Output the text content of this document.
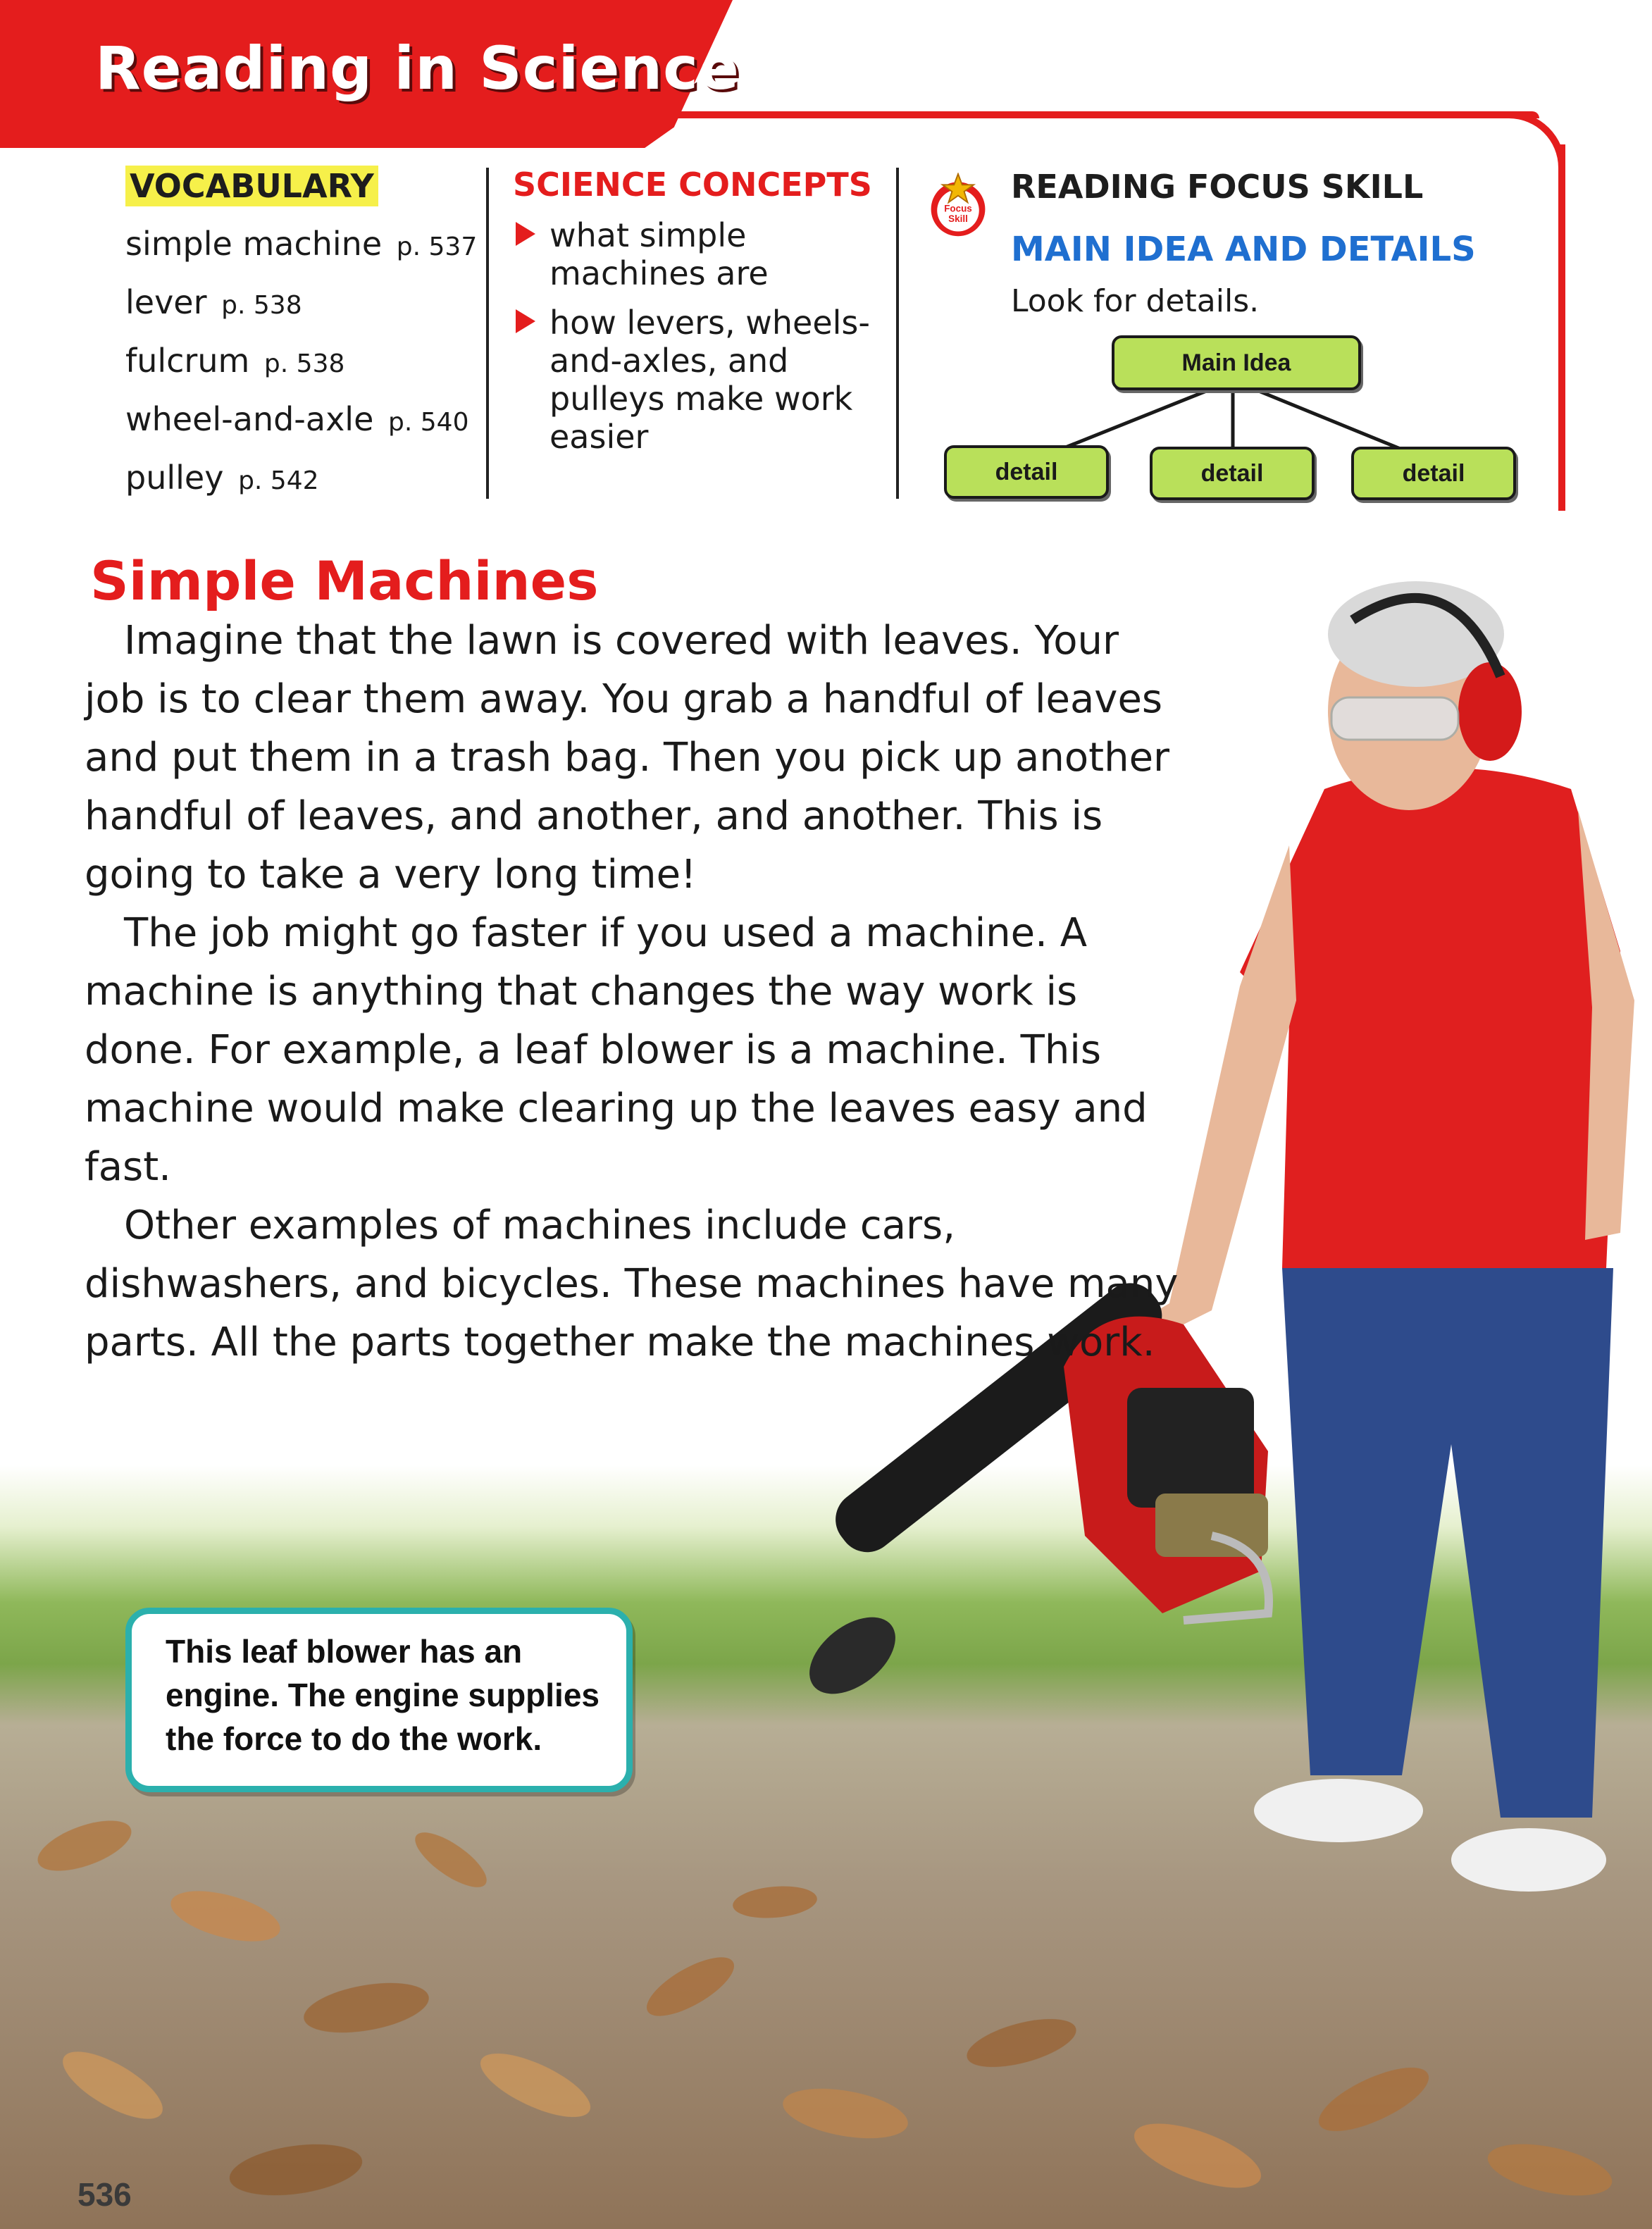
Reading in Science
VOCABULARY
simple machine p. 537
lever p. 538
fulcrum p. 538
wheel-and-axle p. 540
pulley p. 542
SCIENCE CONCEPTS
what simple machines are
how levers, wheels-and-axles, and pulleys make work easier
Focus
Skill
READING FOCUS SKILL
MAIN IDEA AND DETAILS
Look for details.
Main Idea
detail	detail	detail
Simple Machines

Imagine that the lawn is covered with leaves. Your job is to clear them away. You grab a handful of leaves and put them in a trash bag. Then you pick up another handful of leaves, and another, and another. This is going to take a very long time!

The job might go faster if you used a machine. A machine is anything that changes the way work is done. For example, a leaf blower is a machine. This machine would make clearing up the leaves easy and fast.

Other examples of machines include cars, dishwashers, and bicycles. These machines have many parts. All the parts together make the machines work.

This leaf blower has an engine. The engine supplies the force to do the work.
536
